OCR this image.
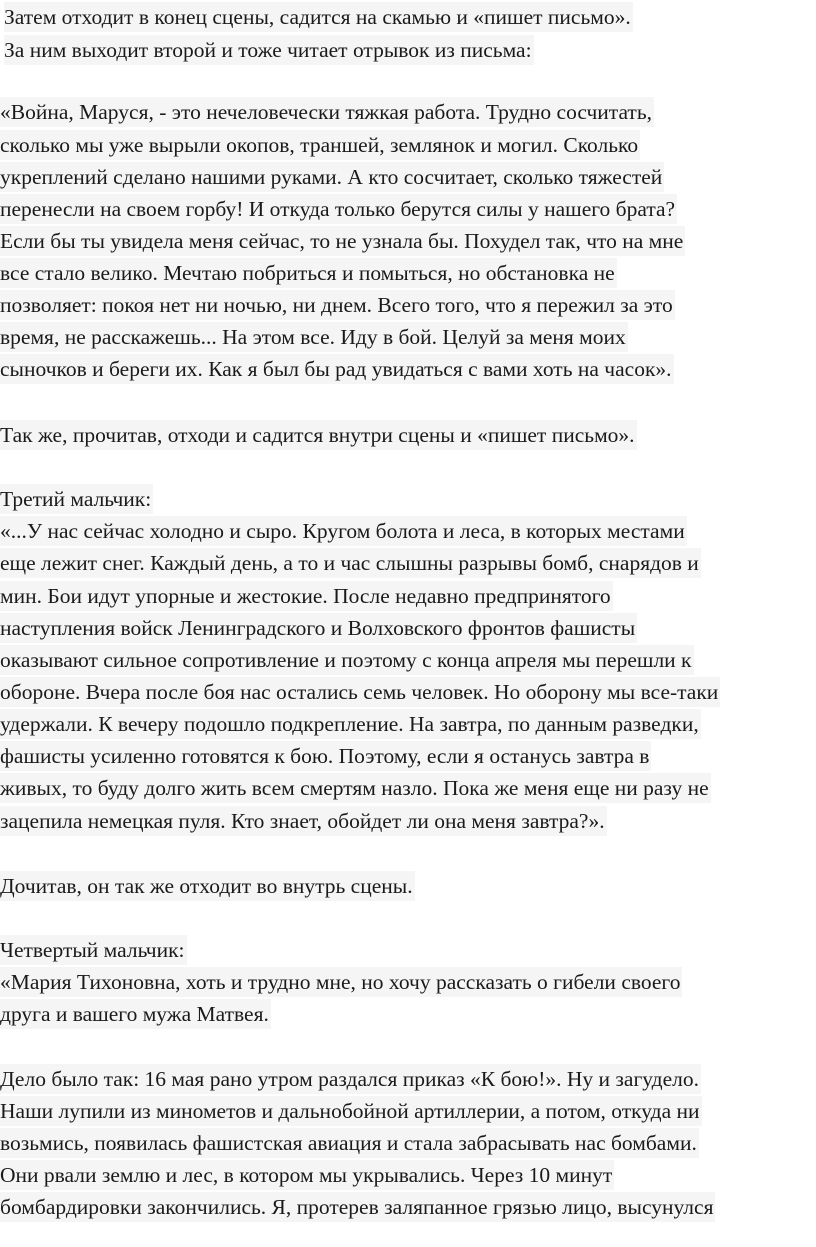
Затем отходит в конец сцены, садится на скамью и «пишет письмо».
За ним выходит второй и тоже читает отрывок из письма:
«Война, Маруся, - это нечеловечески тяжкая работа. Трудно сосчитать,
сколько мы уже вырыли окопов, траншей, землянок и могил. Сколько
укреплений сделано нашими руками. А кто сосчитает, сколько тяжестей
перенесли на своем горбу! И откуда только берутся силы у нашего брата?
Если бы ты увидела меня сейчас, то не узнала бы. Похудел так, что на мне
все стало велико. Мечтаю побриться и помыться, но обстановка не
позволяет: покоя нет ни ночью, ни днем. Всего того, что я пережил за это
время, не расскажешь... На этом все. Иду в бой. Целуй за меня моих
сыночков и береги их. Как я был бы рад увидаться с вами хоть на часок».
Так же, прочитав, отходи и садится внутри сцены и «пишет письмо».
Третий мальчик:
«...У нас сейчас холодно и сыро. Кругом болота и леса, в которых местами
еще лежит снег. Каждый день, а то и час слышны разрывы бомб, снарядов и
мин. Бои идут упорные и жестокие. После недавно предпринятого
наступления войск Ленинградского и Волховского фронтов фашисты
оказывают сильное сопротивление и поэтому с конца апреля мы перешли к
обороне. Вчера после боя нас остались семь человек. Но оборону мы все-таки
удержали. К вечеру подошло подкрепление. На завтра, по данным разведки,
фашисты усиленно готовятся к бою. Поэтому, если я останусь завтра в
живых, то буду долго жить всем смертям назло. Пока же меня еще ни разу не
зацепила немецкая пуля. Кто знает, обойдет ли она меня завтра?».
Дочитав, он так же отходит во внутрь сцены.
Четвертый мальчик:
«Мария Тихоновна, хоть и трудно мне, но хочу рассказать о гибели своего
друга и вашего мужа Матвея.
Дело было так: 16 мая рано утром раздался приказ «К бою!». Ну и загудело.
Наши лупили из минометов и дальнобойной артиллерии, а потом, откуда ни
возьмись, появилась фашистская авиация и стала забрасывать нас бомбами.
Они рвали землю и лес, в котором мы укрывались. Через 10 минут
бомбардировки закончились. Я, протерев заляпанное грязью лицо, высунулся
